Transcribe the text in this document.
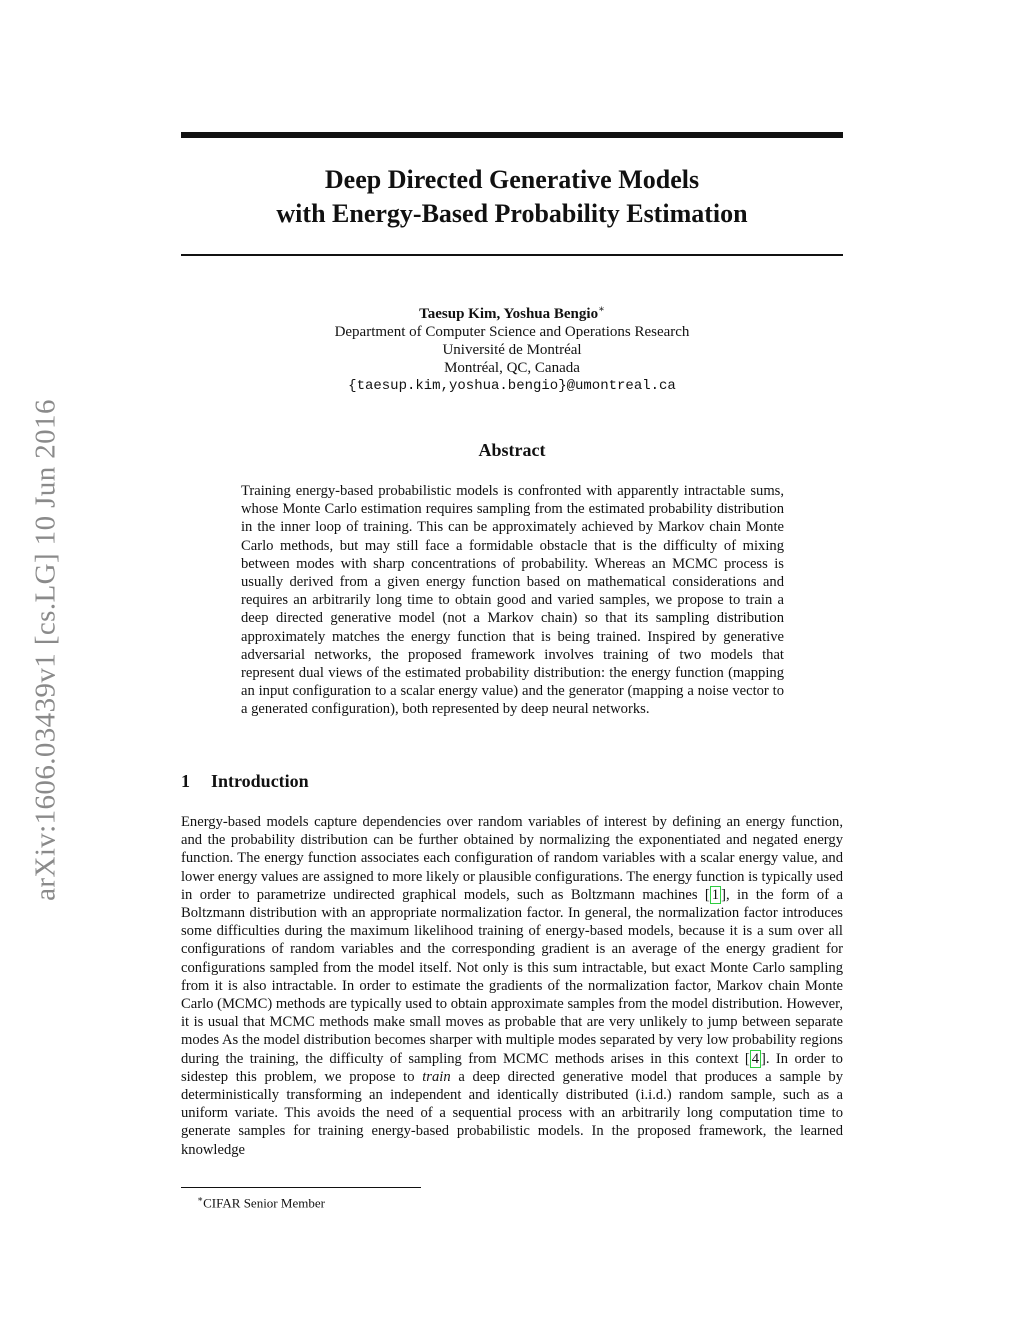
arXiv:1606.03439v1 [cs.LG] 10 Jun 2016
Deep Directed Generative Models
with Energy-Based Probability Estimation
Taesup Kim, Yoshua Bengio∗
Department of Computer Science and Operations Research
Université de Montréal
Montréal, QC, Canada
{taesup.kim,yoshua.bengio}@umontreal.ca
Abstract
Training energy-based probabilistic models is confronted with apparently intractable sums, whose Monte Carlo estimation requires sampling from the estimated probability distribution in the inner loop of training. This can be approximately achieved by Markov chain Monte Carlo methods, but may still face a formidable obstacle that is the difficulty of mixing between modes with sharp concentrations of probability. Whereas an MCMC process is usually derived from a given energy function based on mathematical considerations and requires an arbitrarily long time to obtain good and varied samples, we propose to train a deep directed generative model (not a Markov chain) so that its sampling distribution approximately matches the energy function that is being trained. Inspired by generative adversarial networks, the proposed framework involves training of two models that represent dual views of the estimated probability distribution: the energy function (mapping an input configuration to a scalar energy value) and the generator (mapping a noise vector to a generated configuration), both represented by deep neural networks.
1 Introduction
Energy-based models capture dependencies over random variables of interest by defining an energy function, and the probability distribution can be further obtained by normalizing the exponentiated and negated energy function. The energy function associates each configuration of random variables with a scalar energy value, and lower energy values are assigned to more likely or plausible configurations. The energy function is typically used in order to parametrize undirected graphical models, such as Boltzmann machines [ 1 ], in the form of a Boltzmann distribution with an appropriate normalization factor. In general, the normalization factor introduces some difficulties during the maximum likelihood training of energy-based models, because it is a sum over all configurations of random variables and the corresponding gradient is an average of the energy gradient for configurations sampled from the model itself. Not only is this sum intractable, but exact Monte Carlo sampling from it is also intractable. In order to estimate the gradients of the normalization factor, Markov chain Monte Carlo (MCMC) methods are typically used to obtain approximate samples from the model distribution. However, it is usual that MCMC methods make small moves as probable that are very unlikely to jump between separate modes As the model distribution becomes sharper with multiple modes separated by very low probability regions during the training, the difficulty of sampling from MCMC methods arises in this context [ 4 ]. In order to sidestep this problem, we propose to train a deep directed generative model that produces a sample by deterministically transforming an independent and identically distributed (i.i.d.) random sample, such as a uniform variate. This avoids the need of a sequential process with an arbitrarily long computation time to generate samples for training energy-based probabilistic models. In the proposed framework, the learned knowledge
∗CIFAR Senior Member
